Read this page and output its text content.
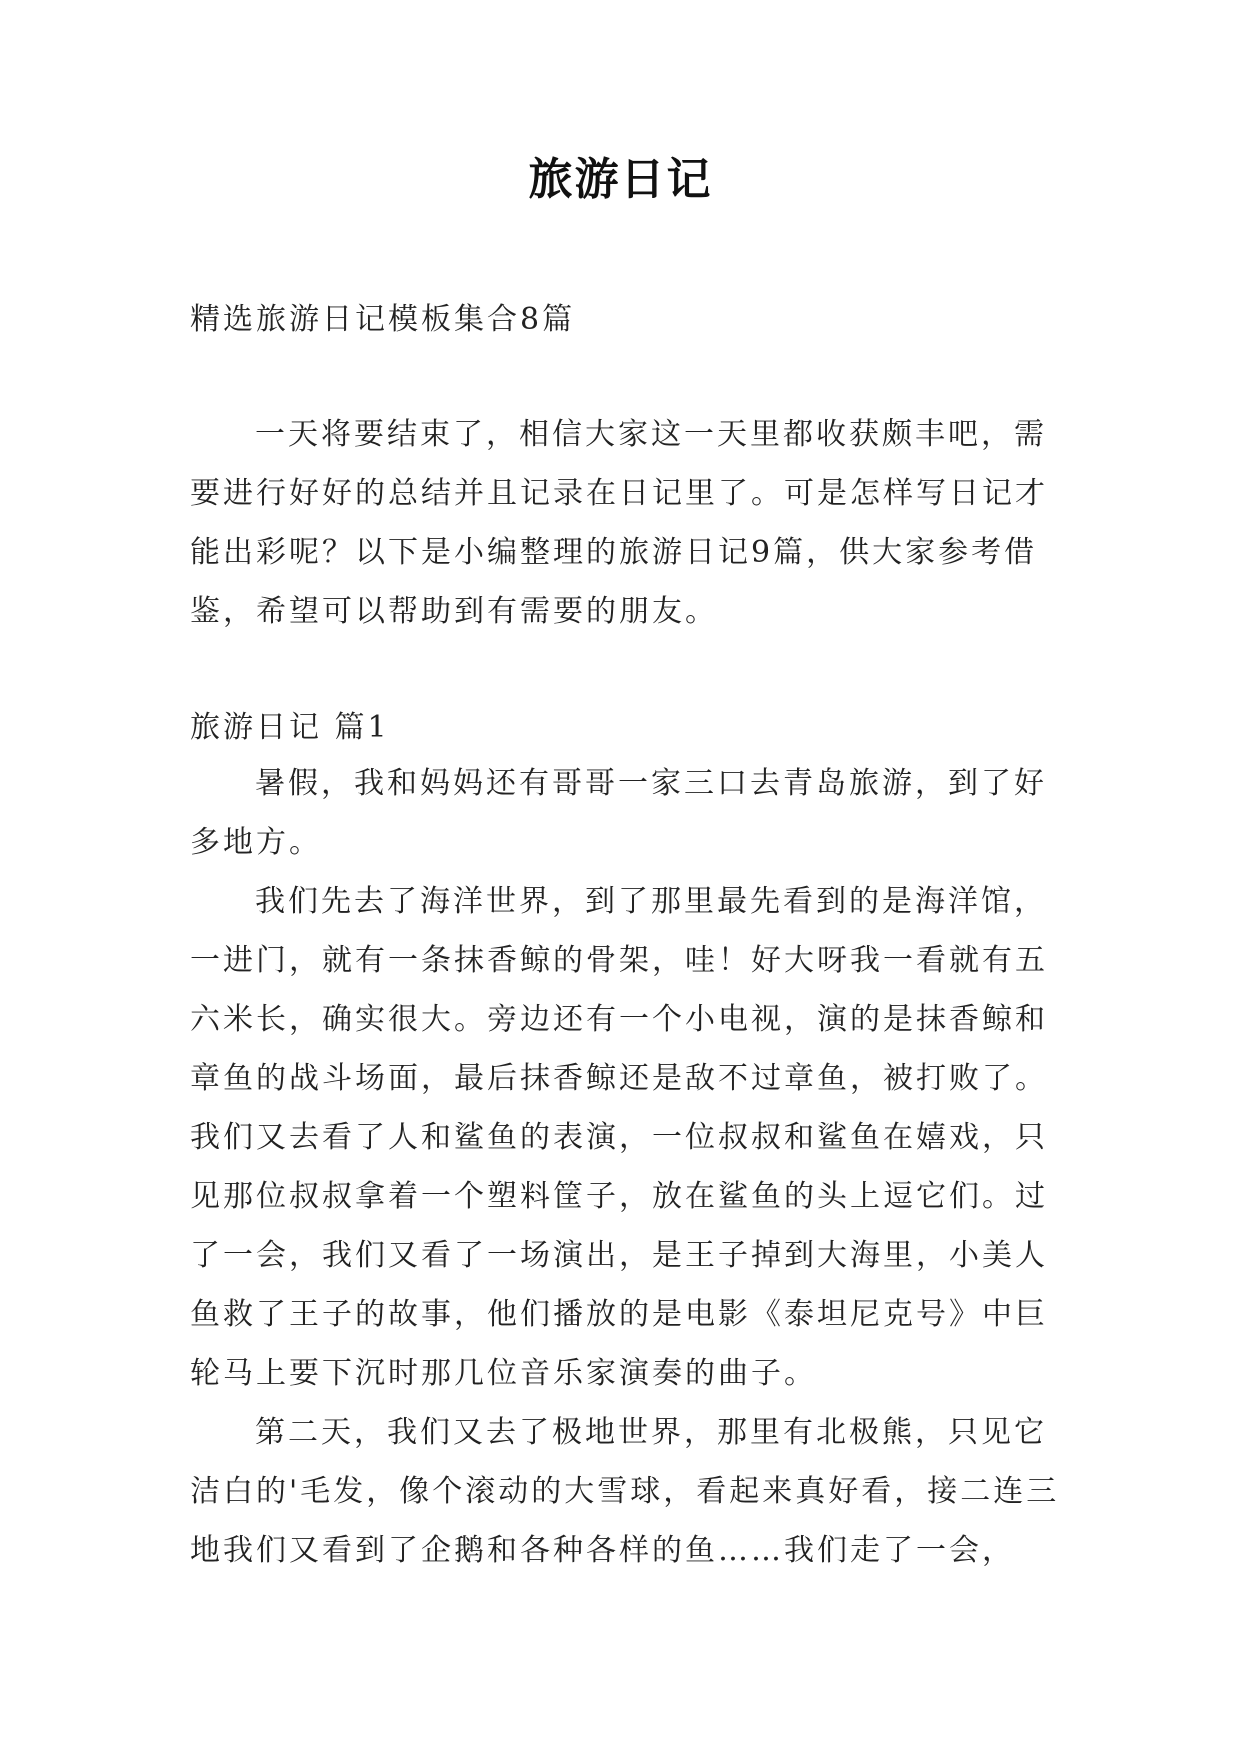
旅游日记

精选旅游日记模板集合8篇

一天将要结束了，相信大家这一天里都收获颇丰吧，需要进行好好的总结并且记录在日记里了。可是怎样写日记才能出彩呢？以下是小编整理的旅游日记9篇，供大家参考借鉴，希望可以帮助到有需要的朋友。

旅游日记 篇1

暑假，我和妈妈还有哥哥一家三口去青岛旅游，到了好多地方。

我们先去了海洋世界，到了那里最先看到的是海洋馆，一进门，就有一条抹香鲸的骨架，哇！好大呀我一看就有五六米长，确实很大。旁边还有一个小电视，演的是抹香鲸和章鱼的战斗场面，最后抹香鲸还是敌不过章鱼，被打败了。我们又去看了人和鲨鱼的表演，一位叔叔和鲨鱼在嬉戏，只见那位叔叔拿着一个塑料筐子，放在鲨鱼的头上逗它们。过了一会，我们又看了一场演出，是王子掉到大海里，小美人鱼救了王子的故事，他们播放的是电影《泰坦尼克号》中巨轮马上要下沉时那几位音乐家演奏的曲子。

第二天，我们又去了极地世界，那里有北极熊，只见它洁白的'毛发，像个滚动的大雪球，看起来真好看，接二连三地我们又看到了企鹅和各种各样的鱼……我们走了一会，
